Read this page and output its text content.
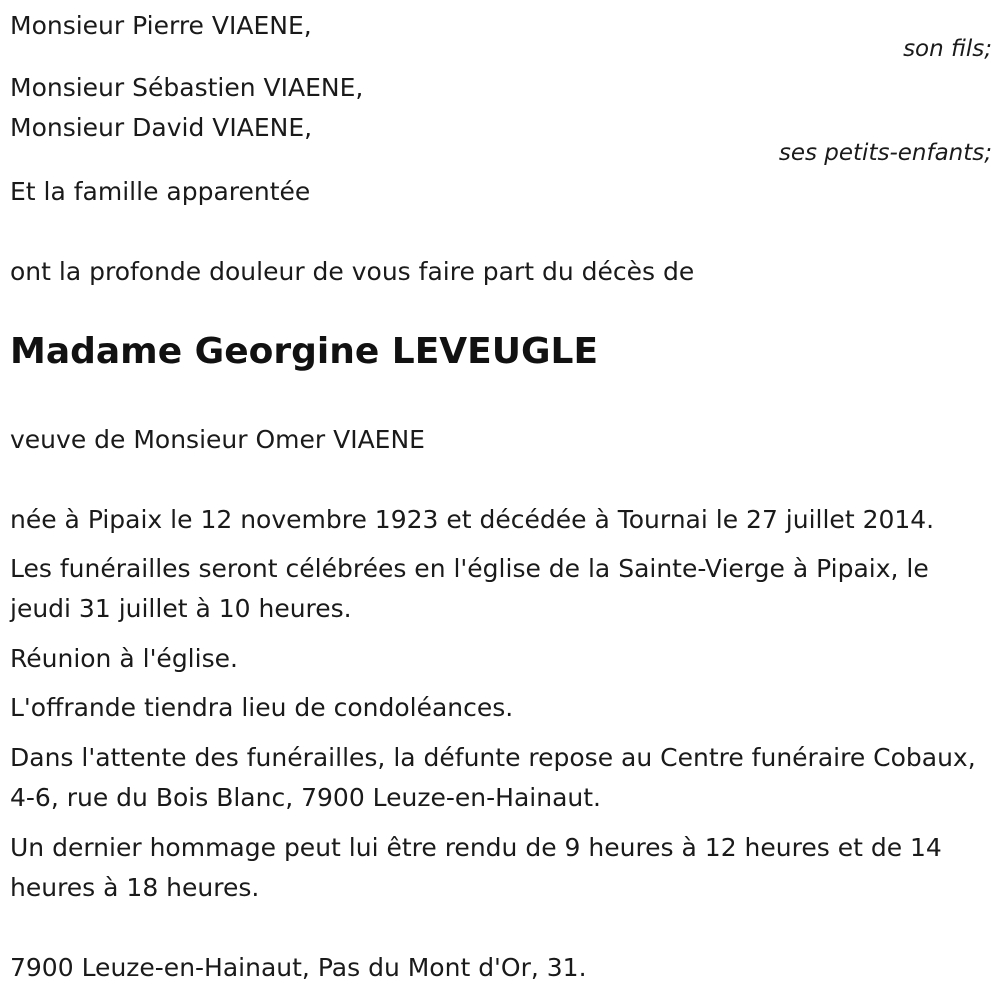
Monsieur Pierre VIAENE,
son fils;
Monsieur Sébastien VIAENE,
Monsieur David VIAENE,
ses petits-enfants;
Et la famille apparentée
ont la profonde douleur de vous faire part du décès de
Madame Georgine LEVEUGLE
veuve de Monsieur Omer VIAENE
née à Pipaix le 12 novembre 1923 et décédée à Tournai le 27 juillet 2014.
Les funérailles seront célébrées en l'église de la Sainte-Vierge à Pipaix, le jeudi 31 juillet à 10 heures.
Réunion à l'église.
L'offrande tiendra lieu de condoléances.
Dans l'attente des funérailles, la défunte repose au Centre funéraire Cobaux, 4-6, rue du Bois Blanc, 7900 Leuze-en-Hainaut.
Un dernier hommage peut lui être rendu de 9 heures à 12 heures et de 14 heures à 18 heures.
7900 Leuze-en-Hainaut, Pas du Mont d'Or, 31.
